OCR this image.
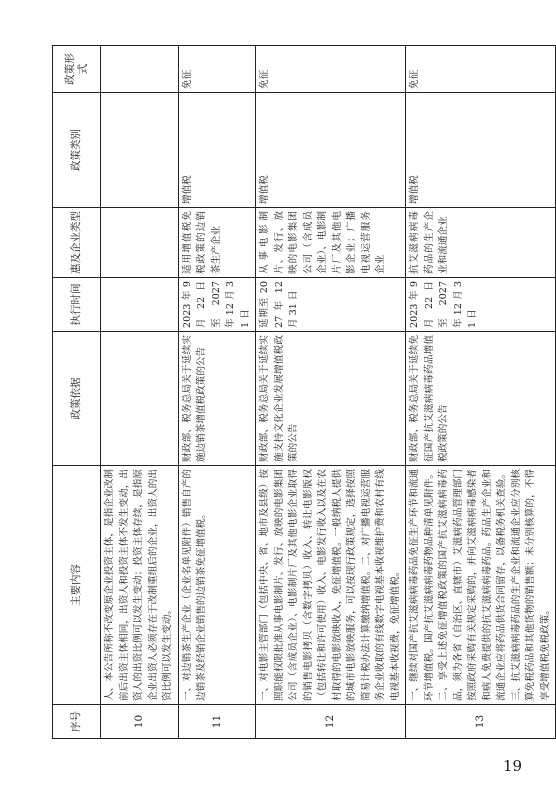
序号	主要内容	政策依据	执行时间	惠及企业类型	政策类别	政策形式
10	人、本公告所称不改变原企业投资主体，是指企业改制前后出资主体相同，出资人和投资主体不发生变动，出资人的出资比例可以发生变动；投资主体存续，是指原企业出资人必须存在于改制重组后的企业，出资人的出资比例可以发生变动。					
11	一、对边销茶生产企业（企业名单见附件）销售自产的边销茶及经销企业销售的边销茶免征增值税。	财政部、税务总局关于延续实施边销茶增值税政策的公告	2023 年 9 月 22 日至 2027 年 12 月 31 日	适用增值税免税政策的边销茶生产企业	增值税	免征
12	一、对电影主管部门（包括中央、省、地市及县级）按照职能权限批准从事电影制片、发行、放映的电影集团公司（含成员企业）、电影制片厂及其他电影企业取得的销售电影拷贝（含数字拷贝）收入、转让电影版权（包括转让和许可使用）收入、电影发行收入以及在农村取得的电影放映收入，免征增值税。一般纳税人提供的城市电影放映服务，可以按现行政策规定，选择按照简易计税办法计算缴纳增值税。二、对广播电视运营服务企业收取的有线数字电视基本收视维护费和农村有线电视基本收视费，免征增值税。	财政部、税务总局关于延续实施支持文化企业发展增值税政策的公告	延期至 2027 年 12 月 31 日	从事电影制片、发行、放映的电影集团公司（含成员企业）、电影制片厂及其他电影企业；广播电视运营服务企业	增值税	免征
13	一、继续对国产抗艾滋病病毒药品免征生产环节和流通环节增值税。国产抗艾滋病病毒药物品种清单见附件。二、享受上述免征增值税政策的国产抗艾滋病病毒药品，须为各省（自治区、直辖市）艾滋病药品管理部门按照政府采购有关规定采购的，并向艾滋病病毒感染者和病人免费提供的抗艾滋病病毒药品。药品生产企业和流通企业应将药品供货合同留存，以备税务机关查验。三、抗艾滋病病毒药品的生产企业和流通企业应分别核算免税药品和其他货物的销售额；未分别核算的，不得享受增值税免税政策。	财政部、税务总局关于延续免征国产抗艾滋病病毒药品增值税政策的公告	2023 年 9 月 22 日至 2027 年 12 月 31 日	抗艾滋病病毒药品的生产企业和流通企业	增值税	免征
19
